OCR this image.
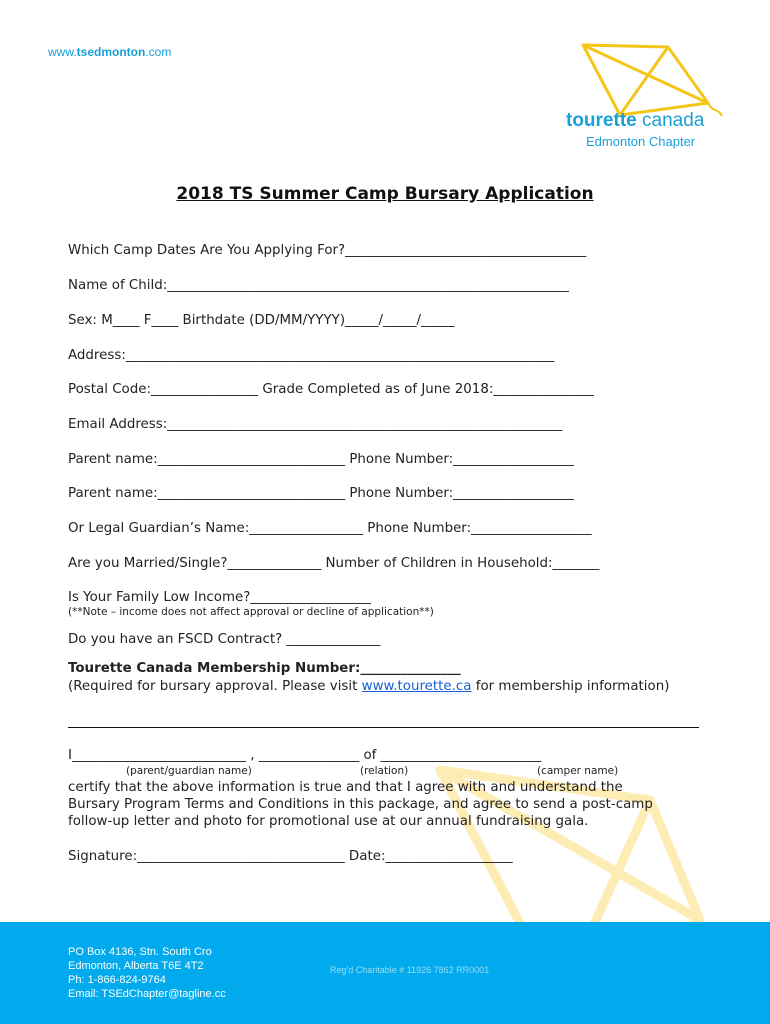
www.tsedmonton.com
tourette canada
Edmonton Chapter
2018 TS Summer Camp Bursary Application
Which Camp Dates Are You Applying For?____________________________________
Name of Child:____________________________________________________________
Sex: M____ F____ Birthdate (DD/MM/YYYY)_____/_____/_____
Address:________________________________________________________________
Postal Code:________________ Grade Completed as of June 2018:_______________
Email Address:___________________________________________________________
Parent name:____________________________ Phone Number:__________________
Parent name:____________________________ Phone Number:__________________
Or Legal Guardian’s Name:_________________ Phone Number:__________________
Are you Married/Single?______________ Number of Children in Household:_______
Is Your Family Low Income?__________________
(**Note – income does not affect approval or decline of application**)
Do you have an FSCD Contract? ______________
Tourette Canada Membership Number:_______________
(Required for bursary approval. Please visit www.tourette.ca for membership information)
I__________________________ , _______________ of ________________________
(parent/guardian name)	(relation)	(camper name)
certify that the above information is true and that I agree with and understand the
Bursary Program Terms and Conditions in this package, and agree to send a post-camp
follow-up letter and photo for promotional use at our annual fundraising gala.
Signature:_______________________________ Date:___________________
PO Box 4136, Stn. South Cro
Edmonton, Alberta T6E 4T2
Ph: 1-866-824-9764
Email: TSEdChapter@tagline.cc
Reg'd Charitable # 11926 7862 RR0001
